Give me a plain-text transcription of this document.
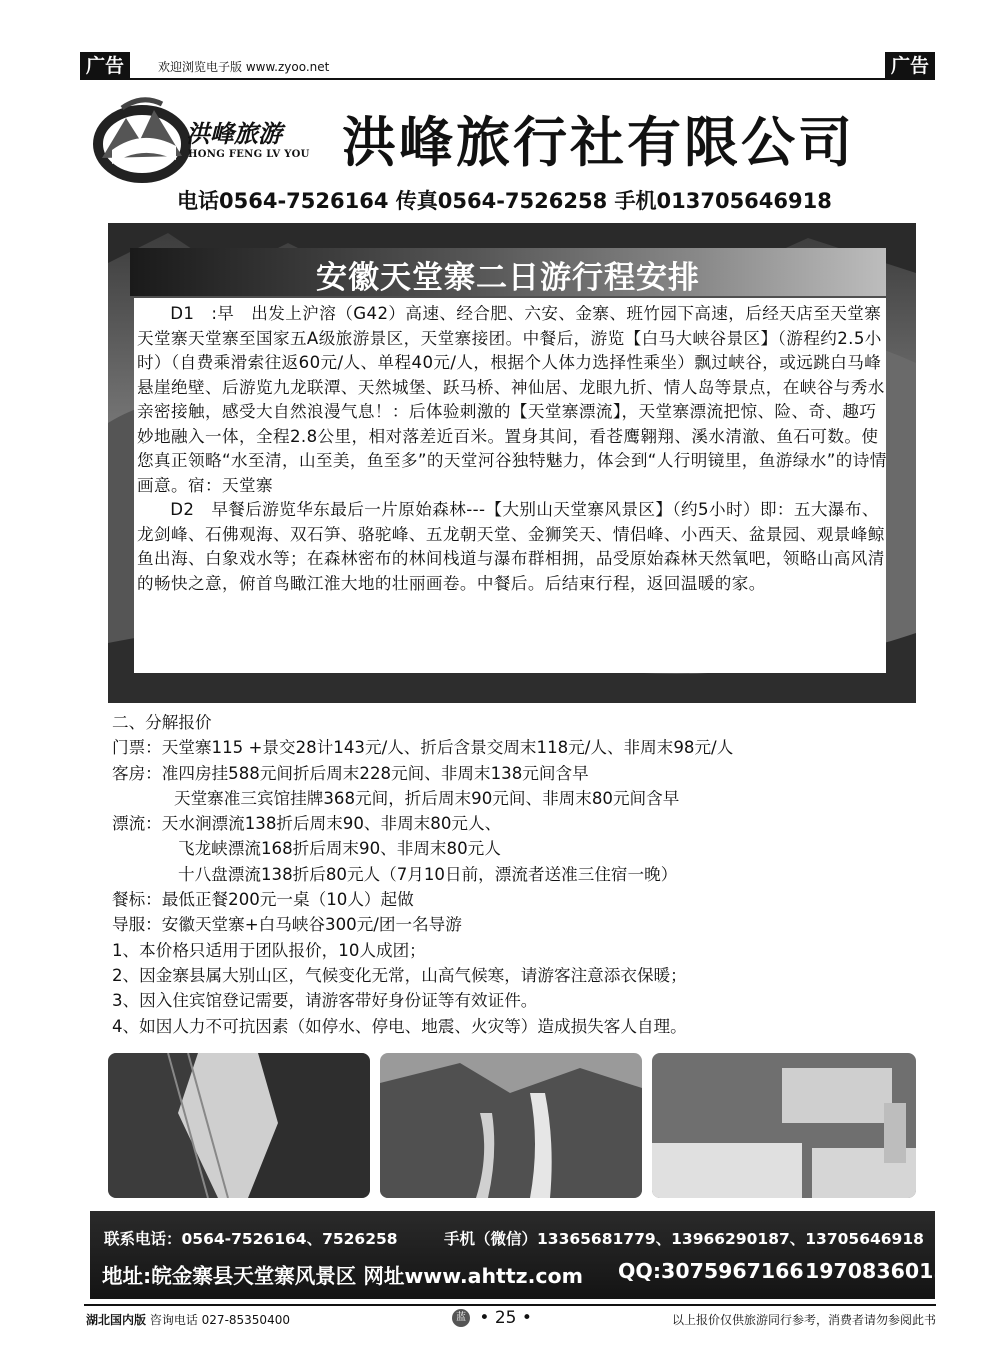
广告	欢迎浏览电子版 www.zyoo.net	广告
洪峰旅游
HONG FENG LV YOU 洪峰旅行社有限公司
电话0564-7526164 传真0564-7526258 手机013705646918
安徽天堂寨二日游行程安排

D1　:早　出发上沪溶（G42）高速、经合肥、六安、金寨、班竹园下高速，后经天店至天堂寨天堂寨天堂寨至国家五A级旅游景区，天堂寨接团。中餐后，游览【白马大峡谷景区】（游程约2.5小时）（自费乘滑索往返60元/人、单程40元/人，根据个人体力选择性乘坐）飘过峡谷，或远跳白马峰悬崖绝壁、后游览九龙联潭、天然城堡、跃马桥、神仙居、龙眼九折、情人岛等景点，在峡谷与秀水亲密接触，感受大自然浪漫气息！：后体验刺激的【天堂寨漂流】，天堂寨漂流把惊、险、奇、趣巧妙地融入一体，全程2.8公里，相对落差近百米。置身其间，看苍鹰翱翔、溪水清澈、鱼石可数。使您真正领略“水至清，山至美，鱼至多”的天堂河谷独特魅力，体会到“人行明镜里，鱼游绿水”的诗情画意。宿：天堂寨

D2　早餐后游览华东最后一片原始森林---【大别山天堂寨风景区】（约5小时）即：五大瀑布、龙剑峰、石佛观海、双石笋、骆驼峰、五龙朝天堂、金狮笑天、情侣峰、小西天、盆景园、观景峰鲸鱼出海、白象戏水等；在森林密布的林间栈道与瀑布群相拥，品受原始森林天然氧吧，领略山高风清的畅快之意，俯首鸟瞰江淮大地的壮丽画卷。中餐后。后结束行程，返回温暖的家。

二、分解报价
门票：天堂寨115 +景交28计143元/人、折后含景交周末118元/人、非周末98元/人
客房：准四房挂588元间折后周末228元间、非周末138元间含早
天堂寨准三宾馆挂牌368元间，折后周末90元间、非周末80元间含早
漂流：天水涧漂流138折后周末90、非周末80元人、
飞龙峡漂流168折后周末90、非周末80元人
十八盘漂流138折后80元人（7月10日前，漂流者送准三住宿一晚）
餐标：最低正餐200元一桌（10人）起做
导服：安徽天堂寨+白马峡谷300元/团一名导游
1、本价格只适用于团队报价，10人成团；
2、因金寨县属大别山区，气候变化无常，山高气候寒，请游客注意添衣保暖；
3、因入住宾馆登记需要，请游客带好身份证等有效证件。
4、如因人力不可抗因素（如停水、停电、地震、火灾等）造成损失客人自理。
联系电话：0564-7526164、7526258	手机（微信）13365681779、13966290187、13705646918
地址:皖金寨县天堂寨风景区 网址www.ahttz.com QQ:3075967166 1970836015
湖北国内版 咨询电话 027-85350400	蓝 • 25 •	以上报价仅供旅游同行参考，消费者请勿参阅此书
